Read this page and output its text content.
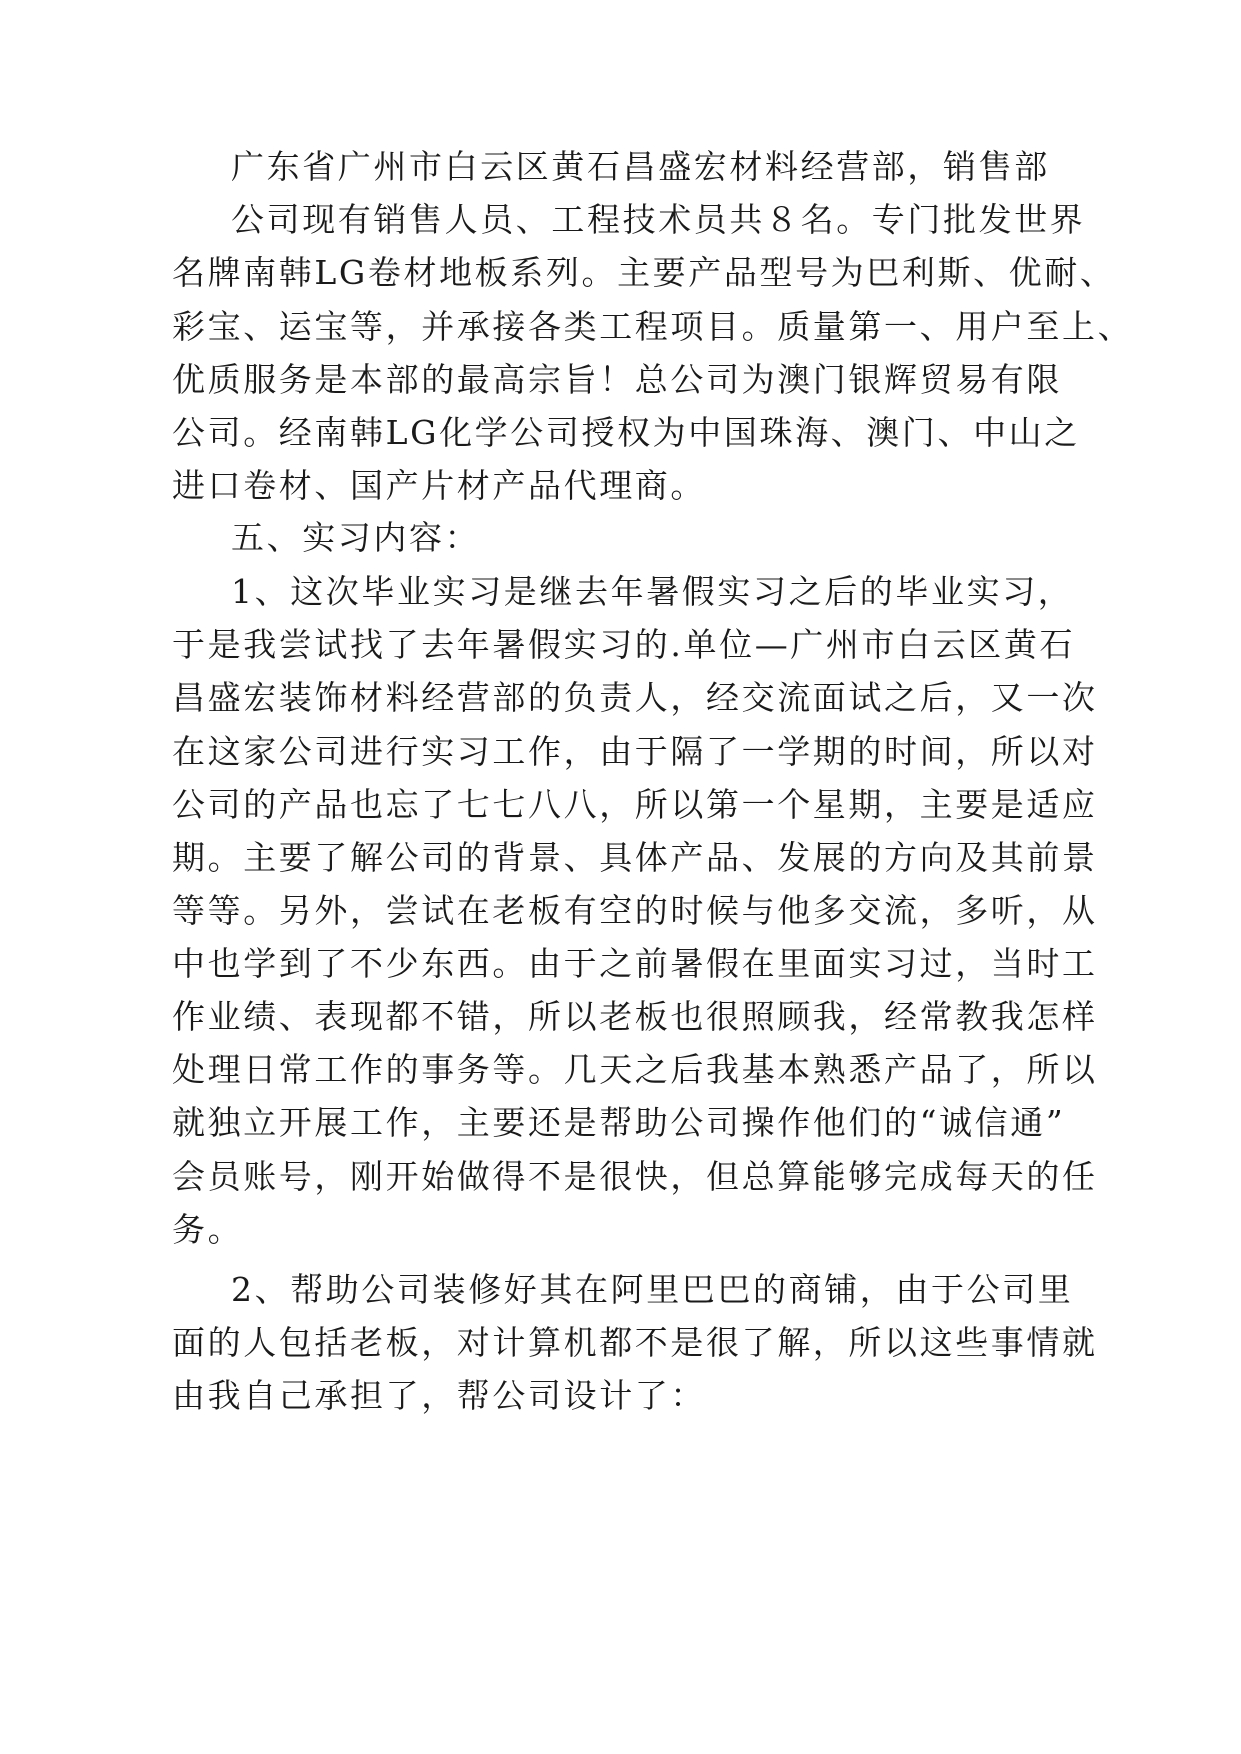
广东省广州市白云区黄石昌盛宏材料经营部，销售部
公司现有销售人员、工程技术员共８名。专门批发世界
名牌南韩LG卷材地板系列。主要产品型号为巴利斯、优耐、
彩宝、运宝等，并承接各类工程项目。质量第一、用户至上、
优质服务是本部的最高宗旨！总公司为澳门银辉贸易有限
公司。经南韩LG化学公司授权为中国珠海、澳门、中山之
进口卷材、国产片材产品代理商。
五、实习内容：
1、这次毕业实习是继去年暑假实习之后的毕业实习，
于是我尝试找了去年暑假实习的.单位—广州市白云区黄石
昌盛宏装饰材料经营部的负责人，经交流面试之后，又一次
在这家公司进行实习工作，由于隔了一学期的时间，所以对
公司的产品也忘了七七八八，所以第一个星期，主要是适应
期。主要了解公司的背景、具体产品、发展的方向及其前景
等等。另外，尝试在老板有空的时候与他多交流，多听，从
中也学到了不少东西。由于之前暑假在里面实习过，当时工
作业绩、表现都不错，所以老板也很照顾我，经常教我怎样
处理日常工作的事务等。几天之后我基本熟悉产品了，所以
就独立开展工作，主要还是帮助公司操作他们的“诚信通”
会员账号，刚开始做得不是很快，但总算能够完成每天的任
务。
2、帮助公司装修好其在阿里巴巴的商铺，由于公司里
面的人包括老板，对计算机都不是很了解，所以这些事情就
由我自己承担了，帮公司设计了：
